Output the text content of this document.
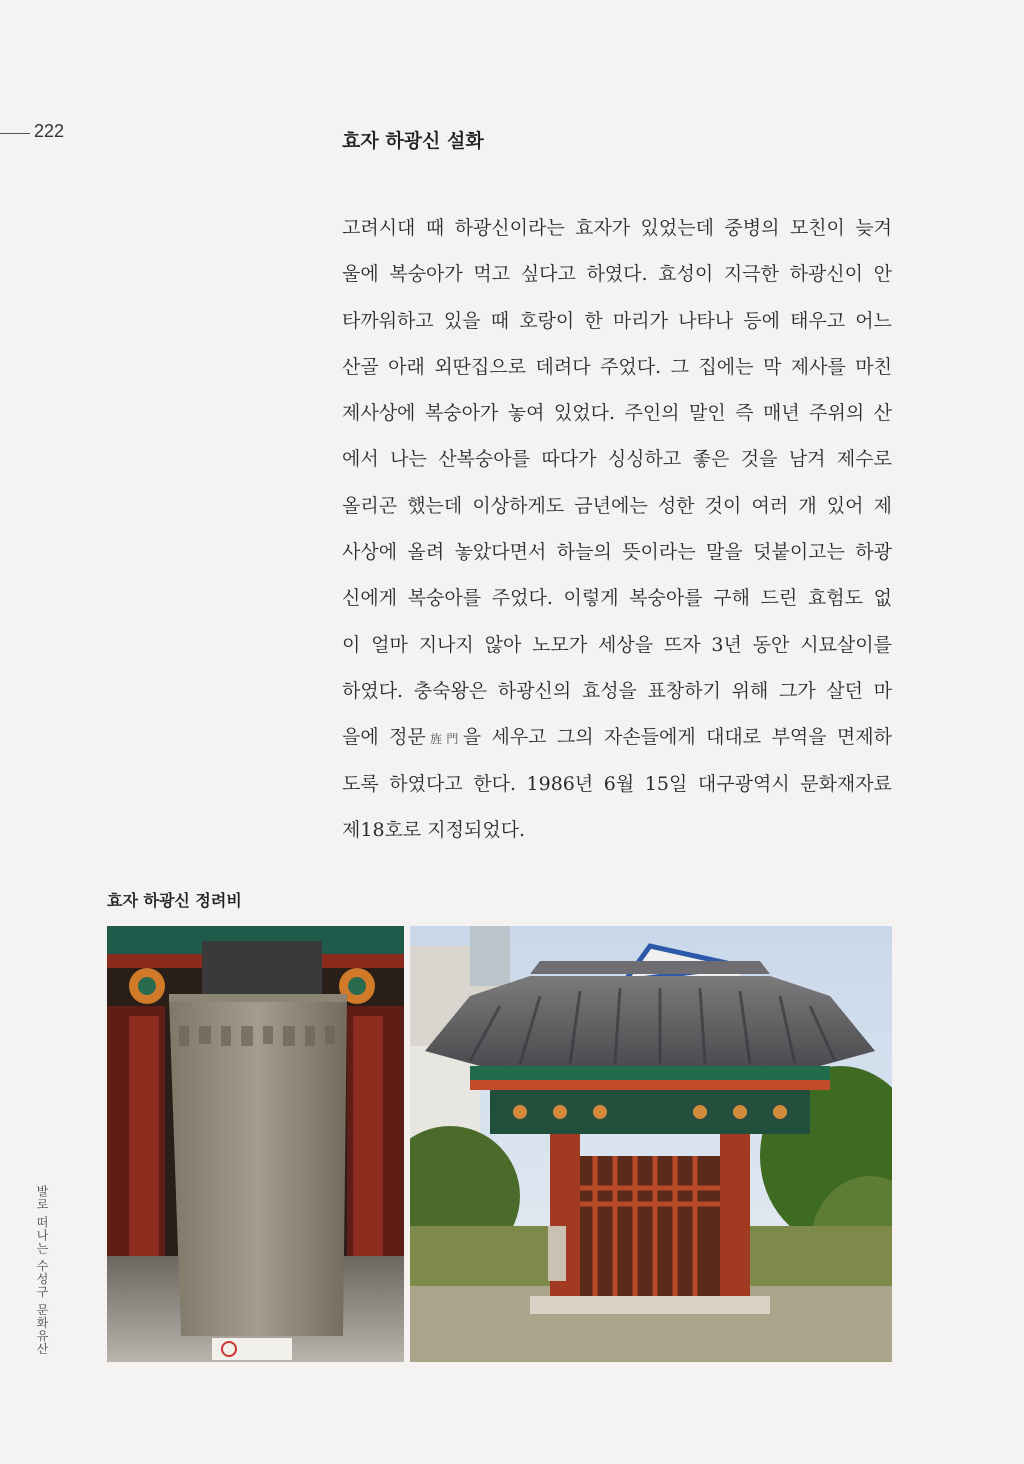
222	효자 하광신 설화
고려시대 때 하광신이라는 효자가 있었는데 중병의 모친이 늦겨
울에 복숭아가 먹고 싶다고 하였다. 효성이 지극한 하광신이 안
타까워하고 있을 때 호랑이 한 마리가 나타나 등에 태우고 어느
산골 아래 외딴집으로 데려다 주었다. 그 집에는 막 제사를 마친
제사상에 복숭아가 놓여 있었다. 주인의 말인 즉 매년 주위의 산
에서 나는 산복숭아를 따다가 싱싱하고 좋은 것을 남겨 제수로
올리곤 했는데 이상하게도 금년에는 성한 것이 여러 개 있어 제
사상에 올려 놓았다면서 하늘의 뜻이라는 말을 덧붙이고는 하광
신에게 복숭아를 주었다. 이렇게 복숭아를 구해 드린 효험도 없
이 얼마 지나지 않아 노모가 세상을 뜨자 3년 동안 시묘살이를
하였다. 충숙왕은 하광신의 효성을 표창하기 위해 그가 살던 마
을에 정문旌門을 세우고 그의 자손들에게 대대로 부역을 면제하
도록 하였다고 한다. 1986년 6월 15일 대구광역시 문화재자료
제18호로 지정되었다.
효자 하광신 정려비
발로 떠나는 수성구 문화유산
